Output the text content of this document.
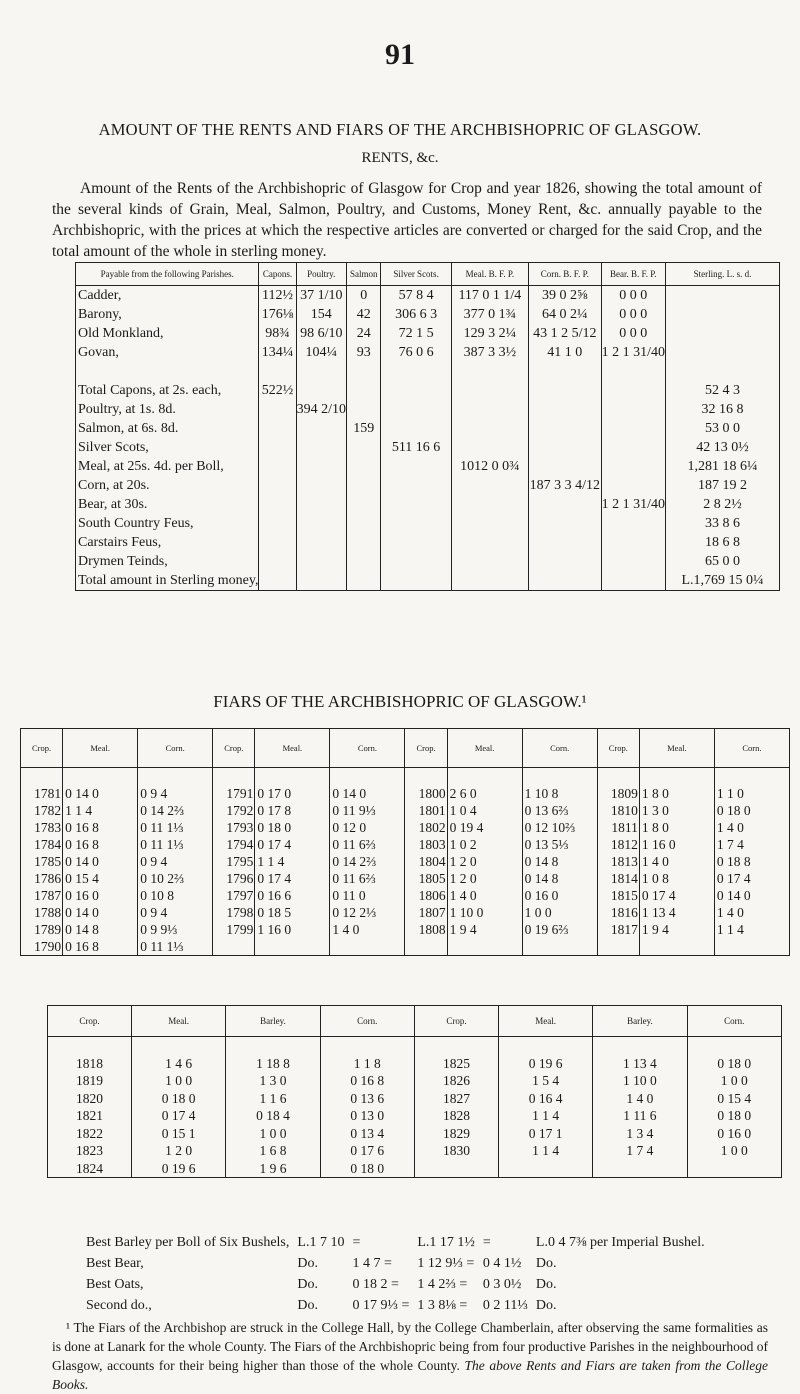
91
AMOUNT OF THE RENTS AND FIARS OF THE ARCHBISHOPRIC OF GLASGOW.
RENTS, &c.
Amount of the Rents of the Archbishopric of Glasgow for Crop and year 1826, showing the total amount of the several kinds of Grain, Meal, Salmon, Poultry, and Customs, Money Rent, &c. annually payable to the Archbishopric, with the prices at which the respective articles are converted or charged for the said Crop, and the total amount of the whole in sterling money.
Payable from the following Parishes.	Capons.	Poultry.	Salmon	Silver Scots.	Meal. B. F. P.	Corn. B. F. P.	Bear. B. F. P.	Sterling. L. s. d.
Cadder,	112½	37 1/10	0	57 8 4	117 0 1 1/4	39 0 2⅝	0 0 0	
Barony,	176⅛	154	42	306 6 3	377 0 1¾	64 0 2¼	0 0 0	
Old Monkland,	98¾	98 6/10	24	72 1 5	129 3 2¼	43 1 2 5/12	0 0 0	
Govan,	134¼	104¼	93	76 0 6	387 3 3½	41 1 0	1 2 1 31/40	

Total Capons, at 2s. each,	522½							52 4 3
Poultry, at 1s. 8d.		394 2/10						32 16 8
Salmon, at 6s. 8d.			159					53 0 0
Silver Scots,				511 16 6				42 13 0½
Meal, at 25s. 4d. per Boll,					1012 0 0¾			1,281 18 6¼
Corn, at 20s.						187 3 3 4/12		187 19 2
Bear, at 30s.							1 2 1 31/40	2 8 2½
South Country Feus,								33 8 6
Carstairs Feus,								18 6 8
Drymen Teinds,								65 0 0
Total amount in Sterling money,								L.1,769 15 0¼
FIARS OF THE ARCHBISHOPRIC OF GLASGOW.¹
Crop.	Meal.	Corn.	Crop.	Meal.	Corn.	Crop.	Meal.	Corn.	Crop.	Meal.	Corn.

1781	0 14 0	0 9 4	1791	0 17 0	0 14 0	1800	2 6 0	1 10 8	1809	1 8 0	1 1 0
1782	1 1 4	0 14 2⅔	1792	0 17 8	0 11 9⅓	1801	1 0 4	0 13 6⅔	1810	1 3 0	0 18 0
1783	0 16 8	0 11 1⅓	1793	0 18 0	0 12 0	1802	0 19 4	0 12 10⅔	1811	1 8 0	1 4 0
1784	0 16 8	0 11 1⅓	1794	0 17 4	0 11 6⅔	1803	1 0 2	0 13 5⅓	1812	1 16 0	1 7 4
1785	0 14 0	0 9 4	1795	1 1 4	0 14 2⅔	1804	1 2 0	0 14 8	1813	1 4 0	0 18 8
1786	0 15 4	0 10 2⅔	1796	0 17 4	0 11 6⅔	1805	1 2 0	0 14 8	1814	1 0 8	0 17 4
1787	0 16 0	0 10 8	1797	0 16 6	0 11 0	1806	1 4 0	0 16 0	1815	0 17 4	0 14 0
1788	0 14 0	0 9 4	1798	0 18 5	0 12 2⅓	1807	1 10 0	1 0 0	1816	1 13 4	1 4 0
1789	0 14 8	0 9 9⅓	1799	1 16 0	1 4 0	1808	1 9 4	0 19 6⅔	1817	1 9 4	1 1 4
1790	0 16 8	0 11 1⅓									
Crop.	Meal.	Barley.	Corn.	Crop.	Meal.	Barley.	Corn.

1818	1 4 6	1 18 8	1 1 8	1825	0 19 6	1 13 4	0 18 0
1819	1 0 0	1 3 0	0 16 8	1826	1 5 4	1 10 0	1 0 0
1820	0 18 0	1 1 6	0 13 6	1827	0 16 4	1 4 0	0 15 4
1821	0 17 4	0 18 4	0 13 0	1828	1 1 4	1 11 6	0 18 0
1822	0 15 1	1 0 0	0 13 4	1829	0 17 1	1 3 4	0 16 0
1823	1 2 0	1 6 8	0 17 6	1830	1 1 4	1 7 4	1 0 0
1824	0 19 6	1 9 6	0 18 0				
Best Barley per Boll of Six Bushels,	L.1 7 10	=	L.1 17 1½	=	L.0 4 7⅜ per Imperial Bushel.
Best Bear,	Do.	1 4 7 =	1 12 9⅓ =	0 4 1½	Do.
Best Oats,	Do.	0 18 2 =	1 4 2⅔ =	0 3 0½	Do.
Second do.,	Do.	0 17 9⅓ =	1 3 8⅛ =	0 2 11⅓	Do.
¹ The Fiars of the Archbishop are struck in the College Hall, by the College Chamberlain, after observing the same formalities as is done at Lanark for the whole County. The Fiars of the Archbishopric being from four productive Parishes in the neighbourhood of Glasgow, accounts for their being higher than those of the whole County. The above Rents and Fiars are taken from the College Books.
